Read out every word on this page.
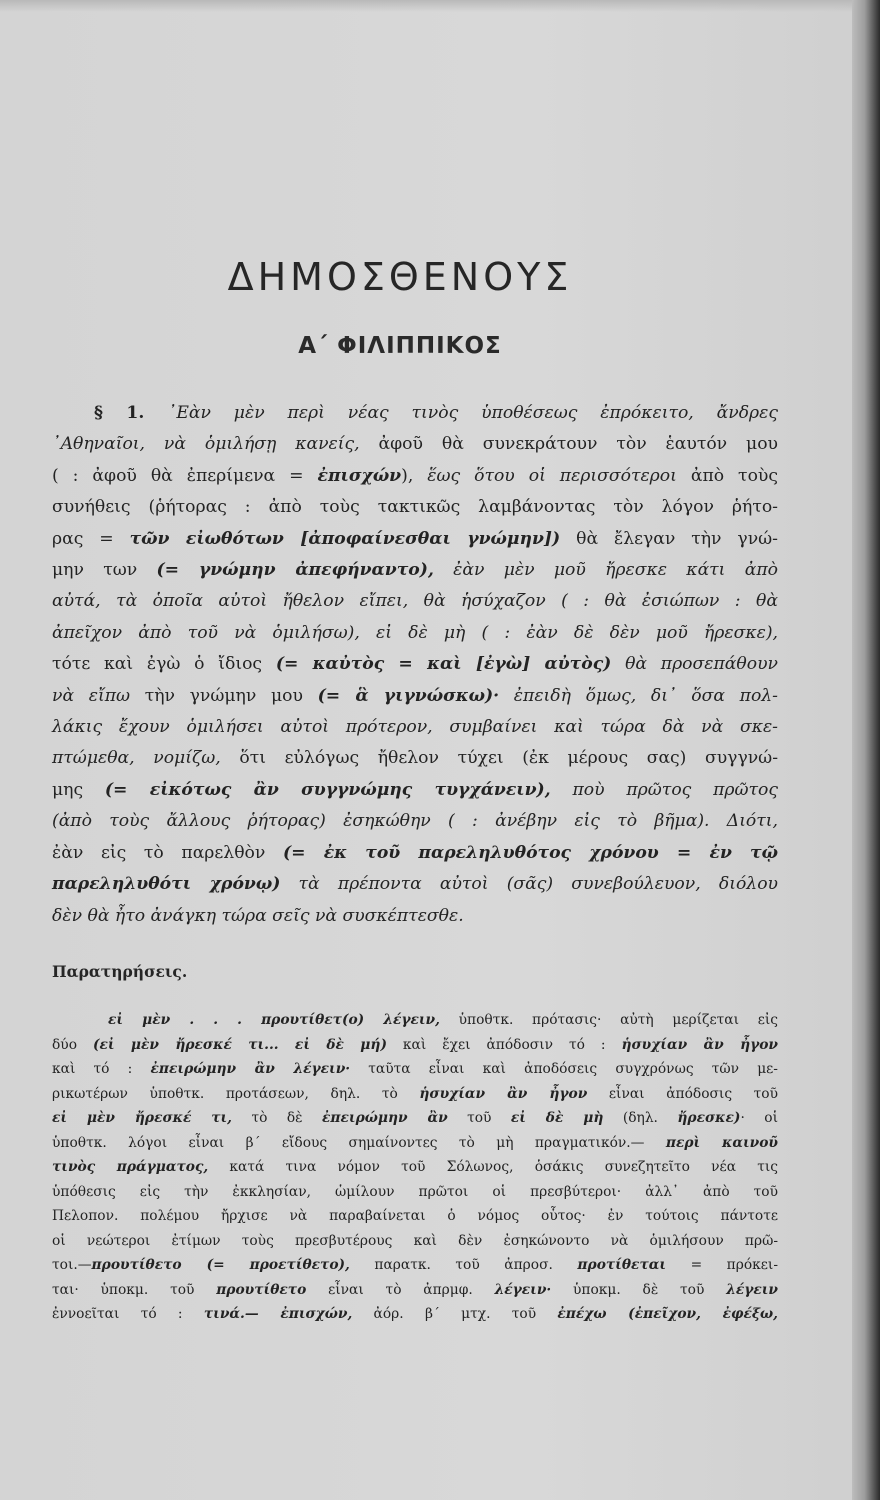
ΔΗΜΟΣΘΕΝΟΥΣ
Α΄ ΦΙΛΙΠΠΙΚΟΣ
§ 1. ᾿Εὰν μὲν περὶ νέας τινὸς ὑποθέσεως ἐπρόκειτο, ἄνδρες
᾿Αθηναῖοι, νὰ ὁμιλήσῃ κανείς, ἀφοῦ θὰ συνεκράτουν τὸν ἑαυτόν μου
( : ἀφοῦ θὰ ἐπερίμενα = ἐπισχών), ἕως ὅτου οἱ περισσότεροι ἀπὸ τοὺς
συνήθεις (ῥήτορας : ἀπὸ τοὺς τακτικῶς λαμβάνοντας τὸν λόγον ῥήτο-
ρας = τῶν εἰωθότων [ἀποφαίνεσθαι γνώμην]) θὰ ἔλεγαν τὴν γνώ-
μην των (= γνώμην ἀπεφήναντο), ἐὰν μὲν μοῦ ἤρεσκε κάτι ἀπὸ
αὐτά, τὰ ὁποῖα αὐτοὶ ἤθελον εἴπει, θὰ ἡσύχαζον ( : θὰ ἐσιώπων : θὰ
ἀπεῖχον ἀπὸ τοῦ νὰ ὁμιλήσω), εἰ δὲ μὴ ( : ἐὰν δὲ δὲν μοῦ ἤρεσκε),
τότε καὶ ἐγὼ ὁ ἴδιος (= καὐτὸς = καὶ [ἐγὼ] αὐτὸς) θὰ προσεπάθουν
νὰ εἴπω τὴν γνώμην μου (= ἃ γιγνώσκω)· ἐπειδὴ ὅμως, δι᾽ ὅσα πολ-
λάκις ἔχουν ὁμιλήσει αὐτοὶ πρότερον, συμβαίνει καὶ τώρα δὰ νὰ σκε-
πτώμεθα, νομίζω, ὅτι εὐλόγως ἤθελον τύχει (ἐκ μέρους σας) συγγνώ-
μης (= εἰκότως ἂν συγγνώμης τυγχάνειν), ποὺ πρῶτος πρῶτος
(ἀπὸ τοὺς ἄλλους ῥήτορας) ἐσηκώθην ( : ἀνέβην εἰς τὸ βῆμα). Διότι,
ἐὰν εἰς τὸ παρελθὸν (= ἐκ τοῦ παρεληλυθότος χρόνου = ἐν τῷ
παρεληλυθότι χρόνῳ) τὰ πρέποντα αὐτοὶ (σᾶς) συνεβούλευον, διόλου
δὲν θὰ ἦτο ἀνάγκη τώρα σεῖς νὰ συσκέπτεσθε.

Παρατηρήσεις.

εἰ μὲν . . . προυτίθετ(ο) λέγειν, ὑποθτκ. πρότασις· αὐτὴ μερίζεται εἰς
δύο (εἰ μὲν ἤρεσκέ τι... εἰ δὲ μή) καὶ ἔχει ἀπόδοσιν τό : ἡσυχίαν ἂν ἦγον
καὶ τό : ἐπειρώμην ἂν λέγειν· ταῦτα εἶναι καὶ ἀποδόσεις συγχρόνως τῶν με-
ρικωτέρων ὑποθτκ. προτάσεων, δηλ. τὸ ἡσυχίαν ἂν ἦγον εἶναι ἀπόδοσις τοῦ
εἰ μὲν ἤρεσκέ τι, τὸ δὲ ἐπειρώμην ἂν τοῦ εἰ δὲ μὴ (δηλ. ἤρεσκε)· οἱ
ὑποθτκ. λόγοι εἶναι β΄ εἴδους σημαίνοντες τὸ μὴ πραγματικόν.— περὶ καινοῦ
τινὸς πράγματος, κατά τινα νόμον τοῦ Σόλωνος, ὁσάκις συνεζητεῖτο νέα τις
ὑπόθεσις εἰς τὴν ἐκκλησίαν, ὡμίλουν πρῶτοι οἱ πρεσβύτεροι· ἀλλ᾽ ἀπὸ τοῦ
Πελοπον. πολέμου ἤρχισε νὰ παραβαίνεται ὁ νόμος οὗτος· ἐν τούτοις πάντοτε
οἱ νεώτεροι ἐτίμων τοὺς πρεσβυτέρους καὶ δὲν ἐσηκώνοντο νὰ ὁμιλήσουν πρῶ-
τοι.—προυτίθετο (= προετίθετο), παρατκ. τοῦ ἀπροσ. προτίθεται = πρόκει-
ται· ὑποκμ. τοῦ προυτίθετο εἶναι τὸ ἀπρμφ. λέγειν· ὑποκμ. δὲ τοῦ λέγειν
ἐννοεῖται τό : τινά.— ἐπισχών, ἀόρ. β΄ μτχ. τοῦ ἐπέχω (ἐπεῖχον, ἐφέξω,
